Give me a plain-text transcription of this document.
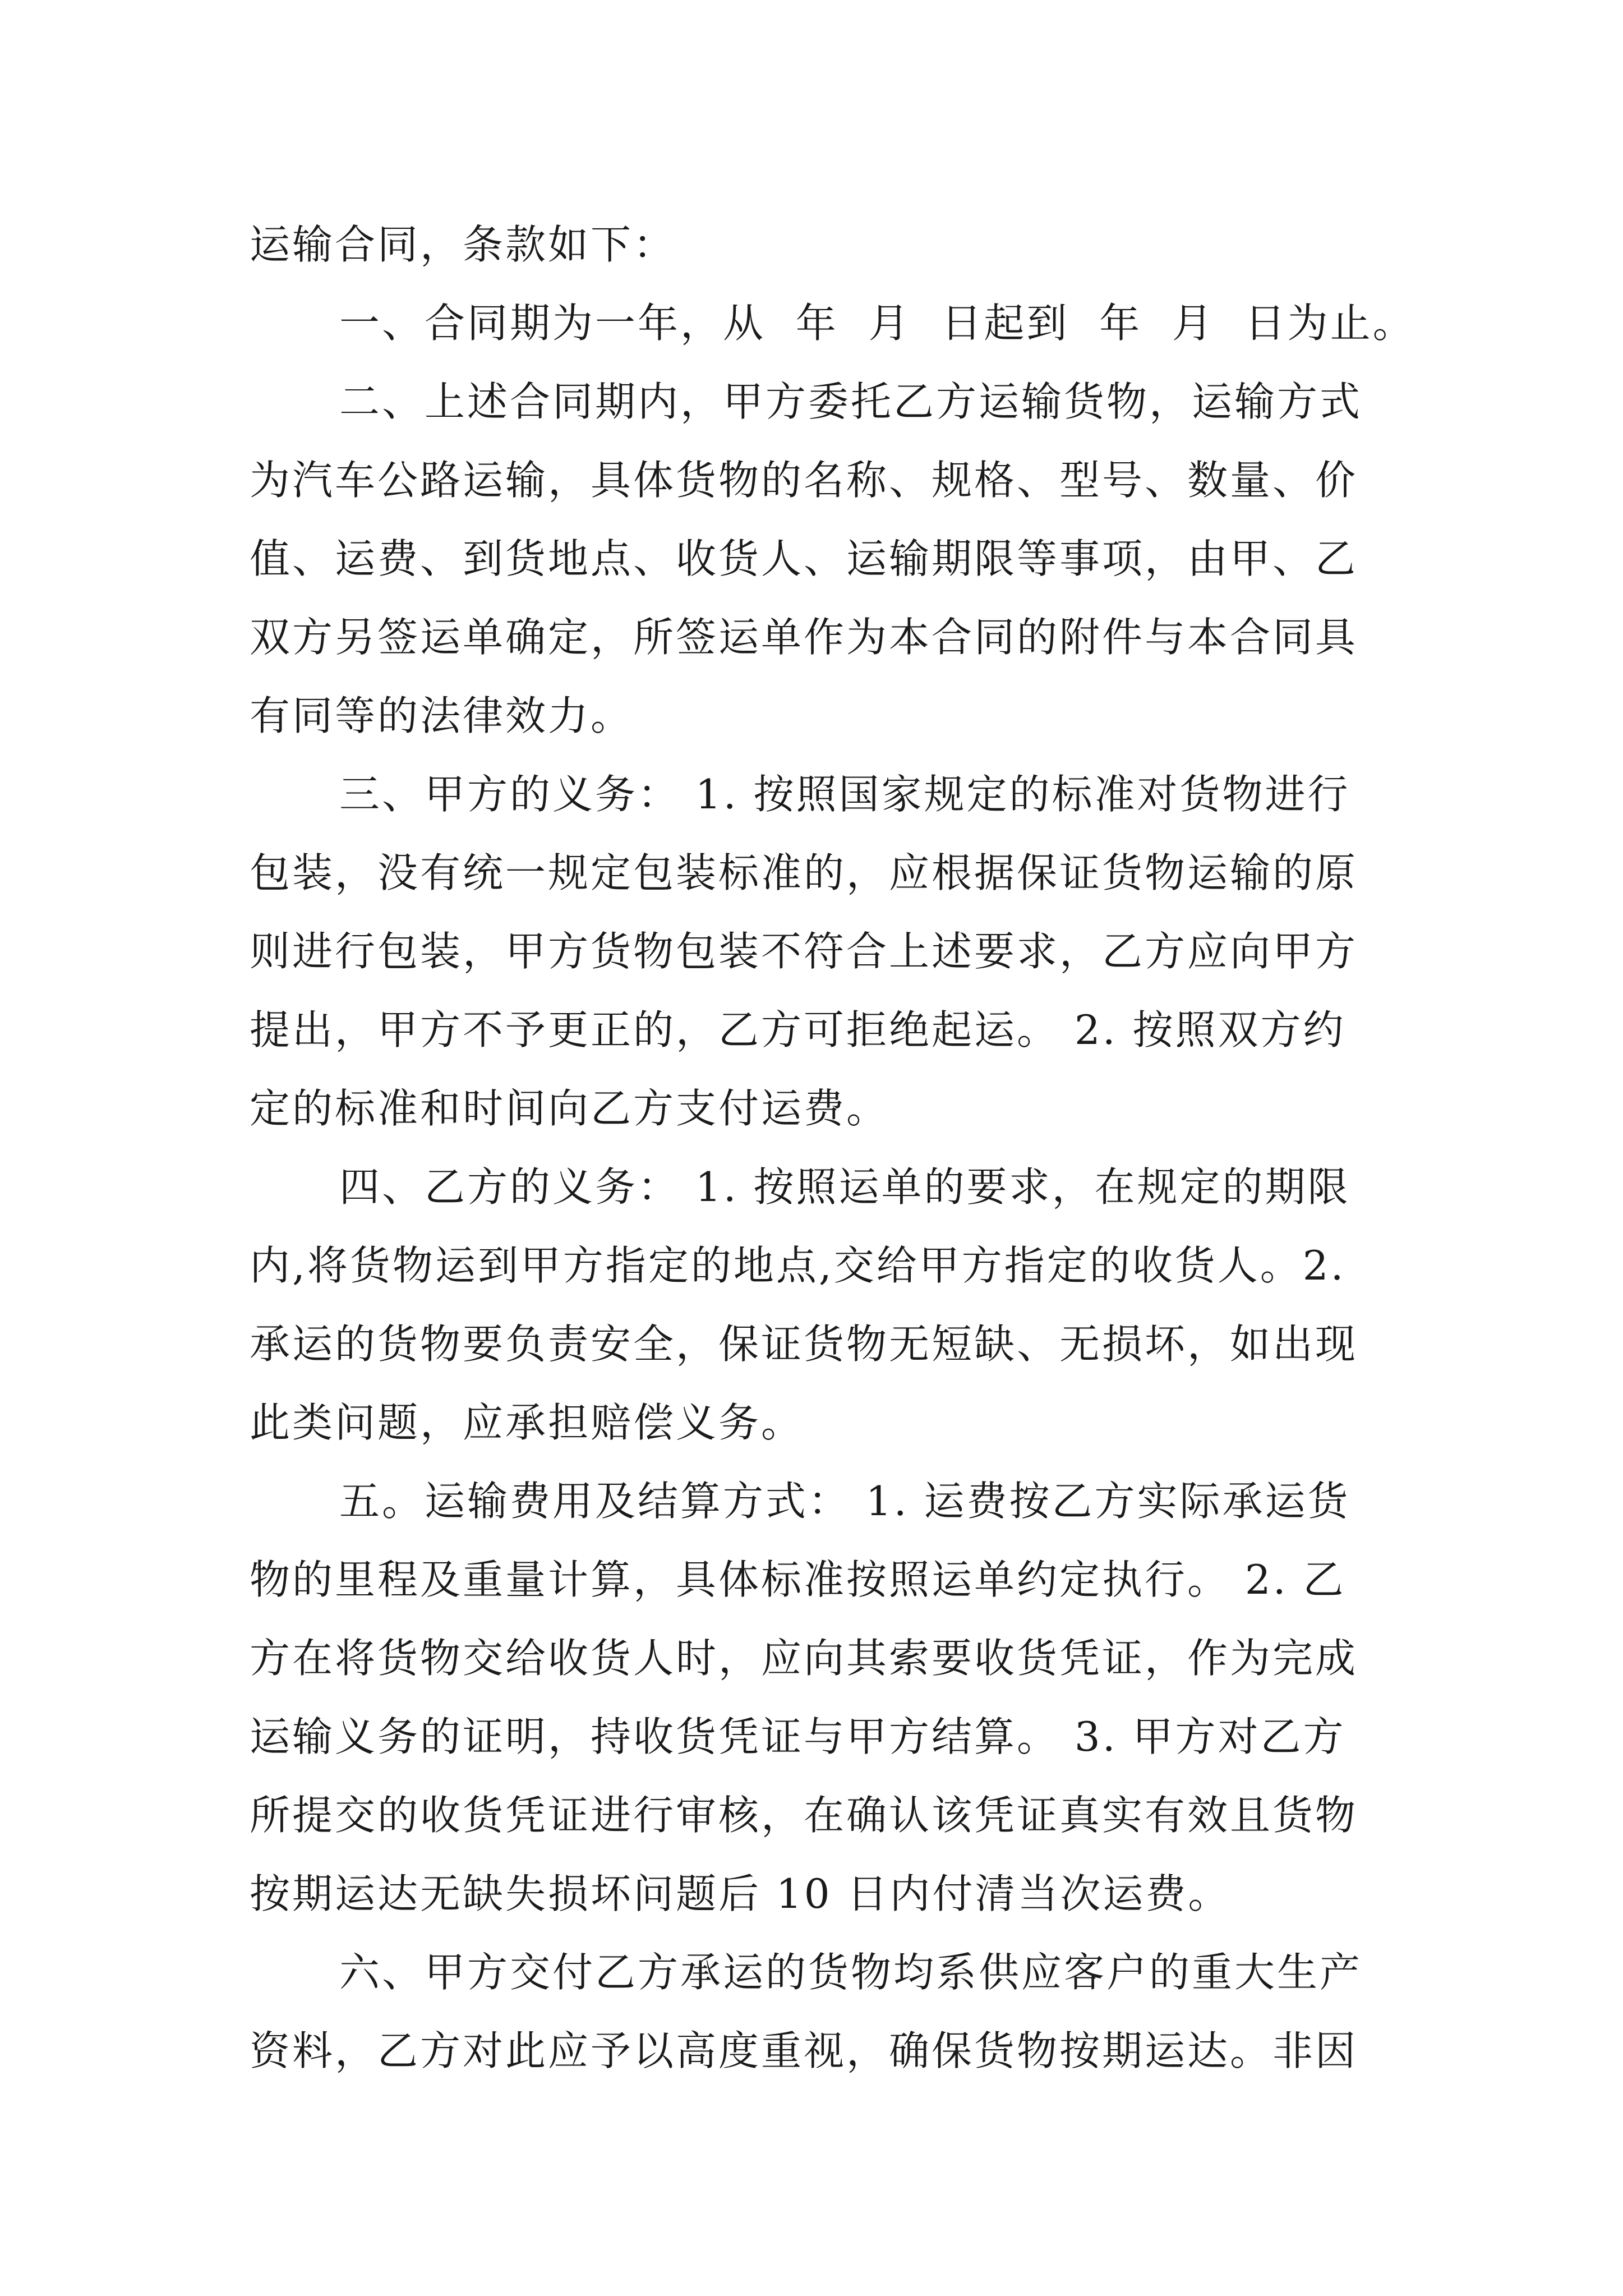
运输合同，条款如下：
一、合同期为一年，从  年  月  日起到  年  月  日为止。
二、上述合同期内，甲方委托乙方运输货物，运输方式
为汽车公路运输，具体货物的名称、规格、型号、数量、价
值、运费、到货地点、收货人、运输期限等事项，由甲、乙
双方另签运单确定，所签运单作为本合同的附件与本合同具
有同等的法律效力。
三、甲方的义务： 1. 按照国家规定的标准对货物进行
包装，没有统一规定包装标准的，应根据保证货物运输的原
则进行包装，甲方货物包装不符合上述要求，乙方应向甲方
提出，甲方不予更正的，乙方可拒绝起运。 2. 按照双方约
定的标准和时间向乙方支付运费。
四、乙方的义务： 1. 按照运单的要求，在规定的期限
内,将货物运到甲方指定的地点,交给甲方指定的收货人。2.
承运的货物要负责安全，保证货物无短缺、无损坏，如出现
此类问题，应承担赔偿义务。
五。运输费用及结算方式： 1. 运费按乙方实际承运货
物的里程及重量计算，具体标准按照运单约定执行。 2. 乙
方在将货物交给收货人时，应向其索要收货凭证，作为完成
运输义务的证明，持收货凭证与甲方结算。 3. 甲方对乙方
所提交的收货凭证进行审核，在确认该凭证真实有效且货物
按期运达无缺失损坏问题后 10 日内付清当次运费。
六、甲方交付乙方承运的货物均系供应客户的重大生产
资料，乙方对此应予以高度重视，确保货物按期运达。非因
